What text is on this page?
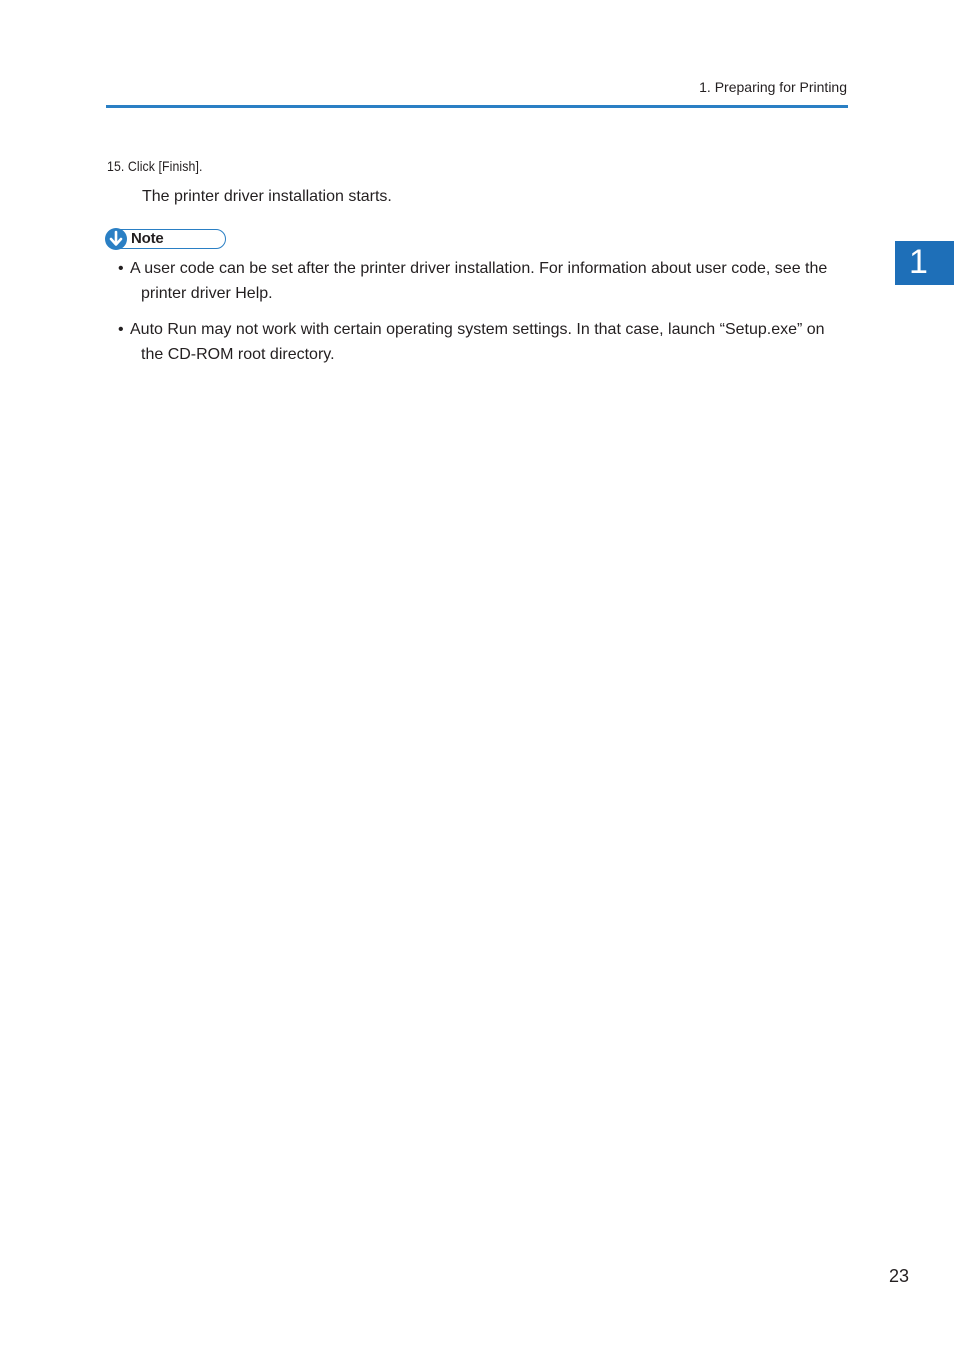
1. Preparing for Printing
15. Click [Finish].
The printer driver installation starts.
Note
• A user code can be set after the printer driver installation. For information about user code, see the printer driver Help.
• Auto Run may not work with certain operating system settings. In that case, launch “Setup.exe” on the CD-ROM root directory.
1
23
